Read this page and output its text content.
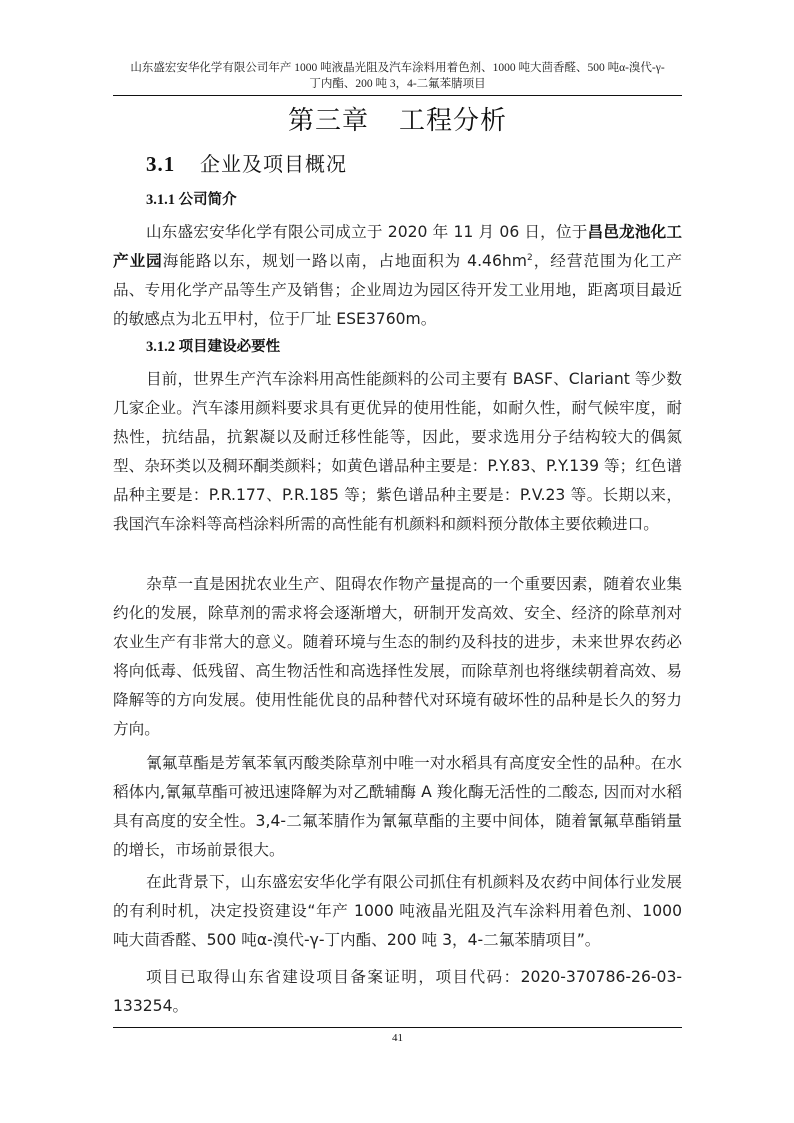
山东盛宏安华化学有限公司年产 1000 吨液晶光阻及汽车涂料用着色剂、1000 吨大茴香醛、500 吨α-溴代-γ-
丁内酯、200 吨 3，4-二氟苯腈项目
第三章 工程分析
3.1 企业及项目概况
3.1.1 公司简介

山东盛宏安华化学有限公司成立于 2020 年 11 月 06 日，位于昌邑龙池化工产业园海能路以东，规划一路以南，占地面积为 $4.46hm^2$，经营范围为化工产品、专用化学产品等生产及销售；企业周边为园区待开发工业用地，距离项目最近的敏感点为北五甲村，位于厂址 ESE3760m。

3.1.2 项目建设必要性

目前，世界生产汽车涂料用高性能颜料的公司主要有 BASF、Clariant 等少数几家企业。汽车漆用颜料要求具有更优异的使用性能，如耐久性，耐气候牢度，耐热性，抗结晶，抗絮凝以及耐迁移性能等，因此，要求选用分子结构较大的偶氮型、杂环类以及稠环酮类颜料；如黄色谱品种主要是：P.Y.83、P.Y.139 等；红色谱品种主要是：P.R.177、P.R.185 等；紫色谱品种主要是：P.V.23 等。长期以来，我国汽车涂料等高档涂料所需的高性能有机颜料和颜料预分散体主要依赖进口。

杂草一直是困扰农业生产、阻碍农作物产量提高的一个重要因素，随着农业集约化的发展，除草剂的需求将会逐渐增大，研制开发高效、安全、经济的除草剂对农业生产有非常大的意义。随着环境与生态的制约及科技的进步，未来世界农药必将向低毒、低残留、高生物活性和高选择性发展，而除草剂也将继续朝着高效、易降解等的方向发展。使用性能优良的品种替代对环境有破坏性的品种是长久的努力方向。

氰氟草酯是芳氧苯氧丙酸类除草剂中唯一对水稻具有高度安全性的品种。在水稻体内,氰氟草酯可被迅速降解为对乙酰辅酶 A 羧化酶无活性的二酸态, 因而对水稻具有高度的安全性。3,4-二氟苯腈作为氰氟草酯的主要中间体，随着氰氟草酯销量的增长，市场前景很大。

在此背景下，山东盛宏安华化学有限公司抓住有机颜料及农药中间体行业发展的有利时机，决定投资建设“年产 1000 吨液晶光阻及汽车涂料用着色剂、1000 吨大茴香醛、500 吨α-溴代-γ-丁内酯、200 吨 3，4-二氟苯腈项目”。

项目已取得山东省建设项目备案证明，项目代码：2020-370786-26-03-133254。

41
